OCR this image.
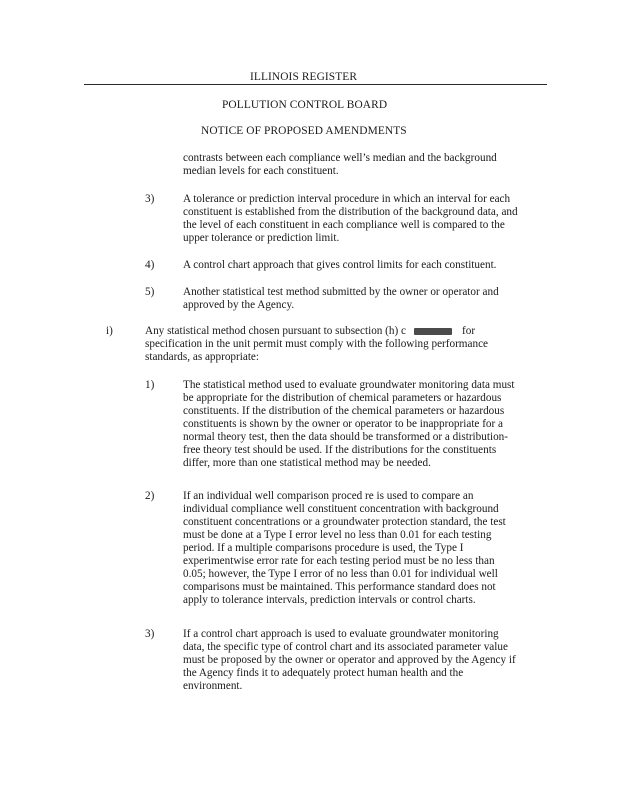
ILLINOIS REGISTER
POLLUTION CONTROL BOARD
NOTICE OF PROPOSED AMENDMENTS
contrasts between each compliance well’s median and the background
median levels for each constituent.
3)	A tolerance or prediction interval procedure in which an interval for each
constituent is established from the distribution of the background data, and
the level of each constituent in each compliance well is compared to the
upper tolerance or prediction limit.
4)	A control chart approach that gives control limits for each constituent.
5)	Another statistical test method submitted by the owner or operator and
approved by the Agency.
i)	Any statistical method chosen pursuant to subsection (h) c	for
specification in the unit permit must comply with the following performance
standards, as appropriate:
1)	The statistical method used to evaluate groundwater monitoring data must
be appropriate for the distribution of chemical parameters or hazardous
constituents. If the distribution of the chemical parameters or hazardous
constituents is shown by the owner or operator to be inappropriate for a
normal theory test, then the data should be transformed or a distribution-
free theory test should be used. If the distributions for the constituents
differ, more than one statistical method may be needed.
2)	If an individual well comparison proced re is used to compare an
individual compliance well constituent concentration with background
constituent concentrations or a groundwater protection standard, the test
must be done at a Type I error level no less than 0.01 for each testing
period. If a multiple comparisons procedure is used, the Type I
experimentwise error rate for each testing period must be no less than
0.05; however, the Type I error of no less than 0.01 for individual well
comparisons must be maintained. This performance standard does not
apply to tolerance intervals, prediction intervals or control charts.
3)	If a control chart approach is used to evaluate groundwater monitoring
data, the specific type of control chart and its associated parameter value
must be proposed by the owner or operator and approved by the Agency if
the Agency finds it to adequately protect human health and the
environment.
